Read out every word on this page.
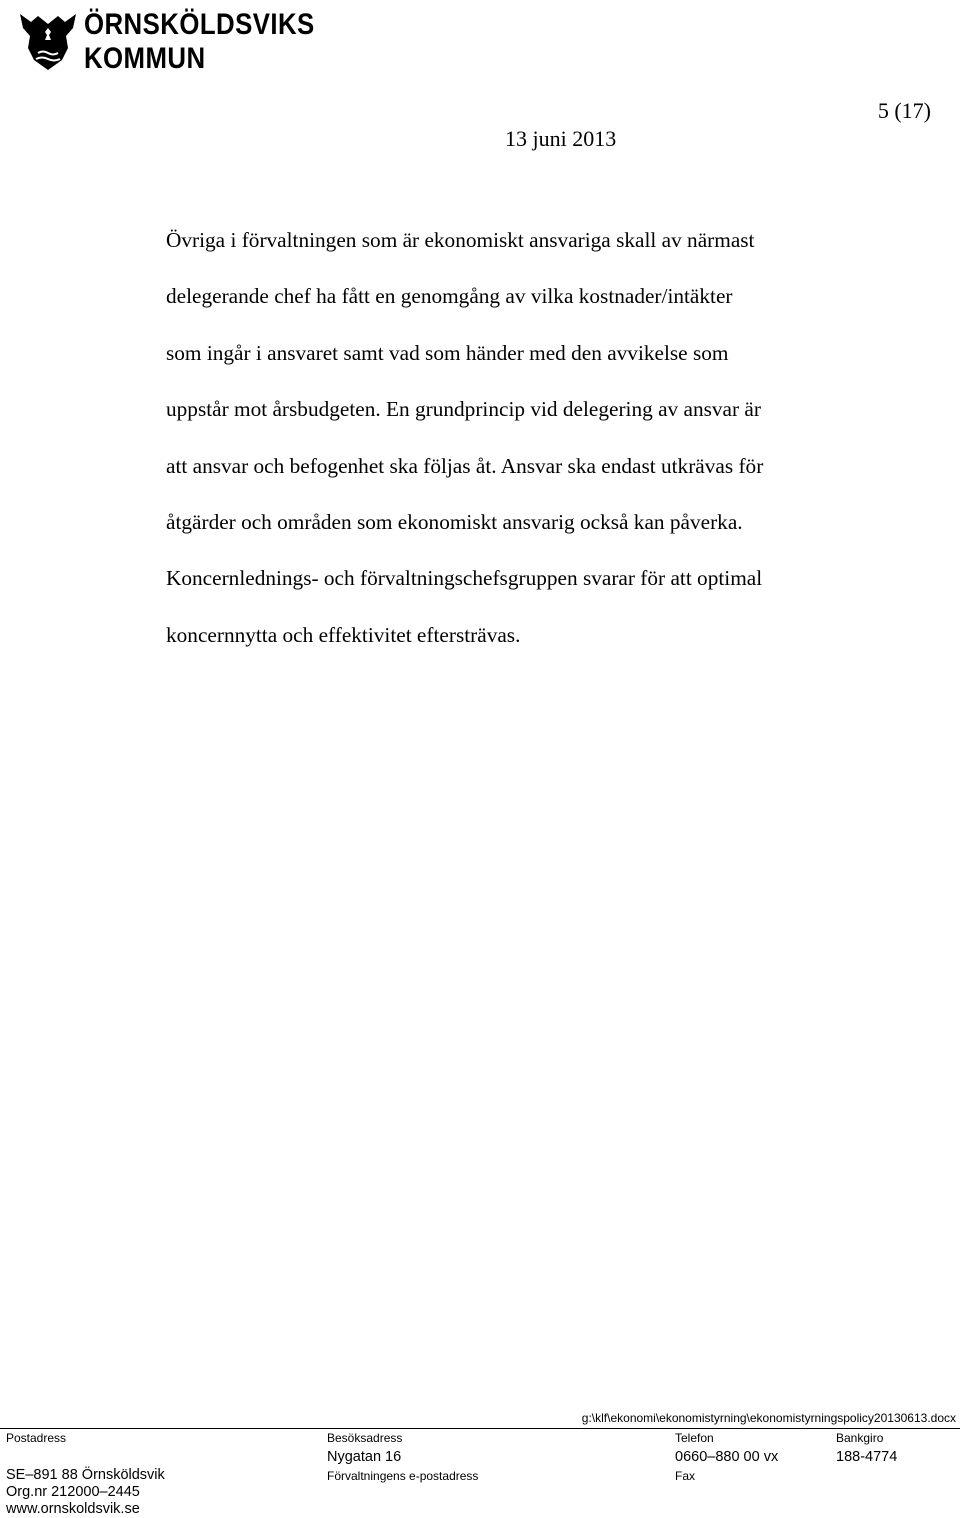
ÖRNSKÖLDSVIKS
KOMMUN
5 (17)
13 juni 2013

Övriga i förvaltningen som är ekonomiskt ansvariga skall av närmast

delegerande chef ha fått en genomgång av vilka kostnader/intäkter

som ingår i ansvaret samt vad som händer med den avvikelse som

uppstår mot årsbudgeten. En grundprincip vid delegering av ansvar är

att ansvar och befogenhet ska följas åt. Ansvar ska endast utkrävas för

åtgärder och områden som ekonomiskt ansvarig också kan påverka.

Koncernlednings- och förvaltningschefsgruppen svarar för att optimal

koncernnytta och effektivitet eftersträvas.

g:\klf\ekonomi\ekonomistyrning\ekonomistyrningspolicy20130613.docx
Postadress
SE–891 88 Örnsköldsvik
Org.nr 212000–2445
www.ornskoldsvik.se
Besöksadress
Nygatan 16
Förvaltningens e-postadress
Telefon
0660–880 00 vx
Fax
Bankgiro
188-4774
